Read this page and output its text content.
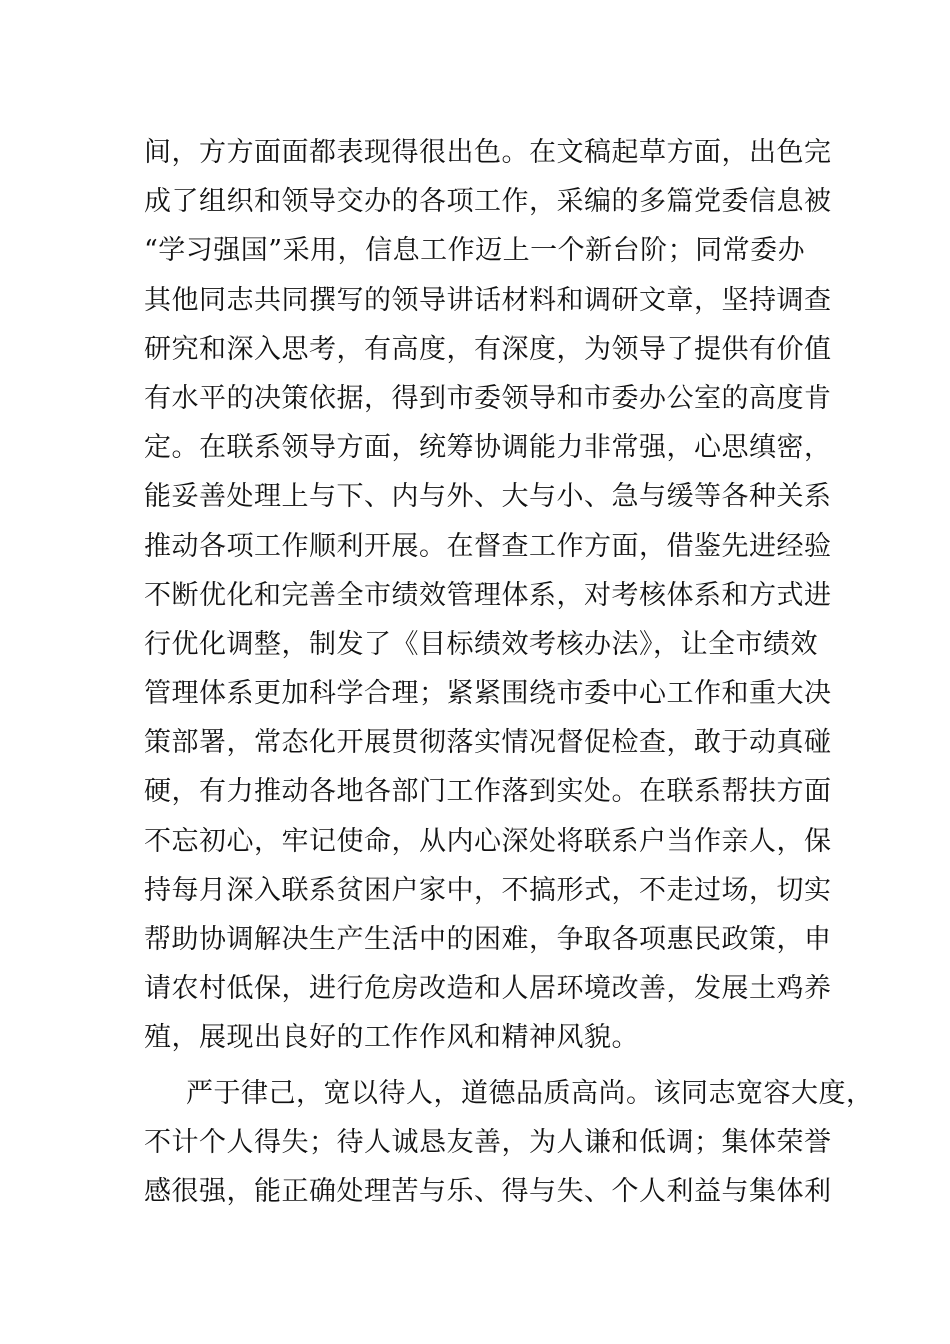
间，方方面面都表现得很出色。在文稿起草方面，出色完
成了组织和领导交办的各项工作，采编的多篇党委信息被
“学习强国”采用，信息工作迈上一个新台阶；同常委办
其他同志共同撰写的领导讲话材料和调研文章，坚持调查
研究和深入思考，有高度，有深度，为领导了提供有价值
有水平的决策依据，得到市委领导和市委办公室的高度肯
定。在联系领导方面，统筹协调能力非常强，心思缜密，
能妥善处理上与下、内与外、大与小、急与缓等各种关系
推动各项工作顺利开展。在督查工作方面，借鉴先进经验
不断优化和完善全市绩效管理体系，对考核体系和方式进
行优化调整，制发了《目标绩效考核办法》，让全市绩效
管理体系更加科学合理；紧紧围绕市委中心工作和重大决
策部署，常态化开展贯彻落实情况督促检查，敢于动真碰
硬，有力推动各地各部门工作落到实处。在联系帮扶方面
不忘初心，牢记使命，从内心深处将联系户当作亲人，保
持每月深入联系贫困户家中，不搞形式，不走过场，切实
帮助协调解决生产生活中的困难，争取各项惠民政策，申
请农村低保，进行危房改造和人居环境改善，发展土鸡养
殖，展现出良好的工作作风和精神风貌。
严于律己，宽以待人，道德品质高尚。该同志宽容大度，
不计个人得失；待人诚恳友善，为人谦和低调；集体荣誉
感很强，能正确处理苦与乐、得与失、个人利益与集体利
